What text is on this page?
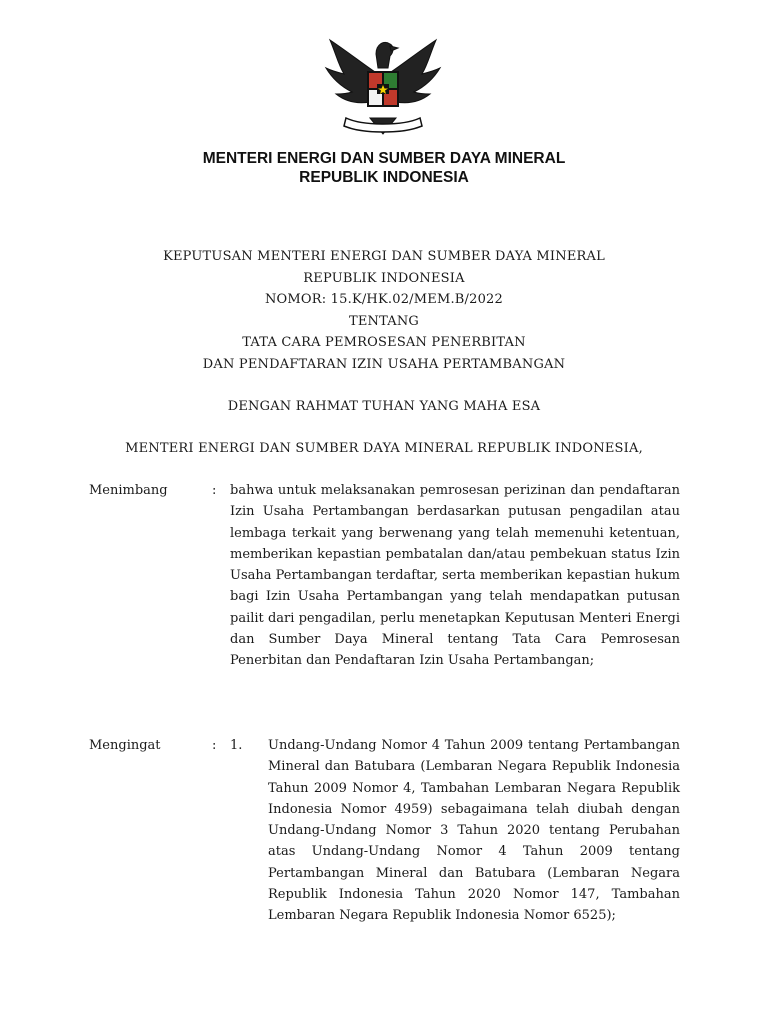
MENTERI ENERGI DAN SUMBER DAYA MINERAL
REPUBLIK INDONESIA
KEPUTUSAN MENTERI ENERGI DAN SUMBER DAYA MINERAL
REPUBLIK INDONESIA
NOMOR: 15.K/HK.02/MEM.B/2022
TENTANG
TATA CARA PEMROSESAN PENERBITAN
DAN PENDAFTARAN IZIN USAHA PERTAMBANGAN
DENGAN RAHMAT TUHAN YANG MAHA ESA
MENTERI ENERGI DAN SUMBER DAYA MINERAL REPUBLIK INDONESIA,
Menimbang	: bahwa untuk melaksanakan pemrosesan perizinan dan pendaftaran Izin Usaha Pertambangan berdasarkan putusan pengadilan atau lembaga terkait yang berwenang yang telah memenuhi ketentuan, memberikan kepastian pembatalan dan/atau pembekuan status Izin Usaha Pertambangan terdaftar, serta memberikan kepastian hukum bagi Izin Usaha Pertambangan yang telah mendapatkan putusan pailit dari pengadilan, perlu menetapkan Keputusan Menteri Energi dan Sumber Daya Mineral tentang Tata Cara Pemrosesan Penerbitan dan Pendaftaran Izin Usaha Pertambangan;
Mengingat	: 1. Undang-Undang Nomor 4 Tahun 2009 tentang Pertambangan Mineral dan Batubara (Lembaran Negara Republik Indonesia Tahun 2009 Nomor 4, Tambahan Lembaran Negara Republik Indonesia Nomor 4959) sebagaimana telah diubah dengan Undang-Undang Nomor 3 Tahun 2020 tentang Perubahan atas Undang-Undang Nomor 4 Tahun 2009 tentang Pertambangan Mineral dan Batubara (Lembaran Negara Republik Indonesia Tahun 2020 Nomor 147, Tambahan Lembaran Negara Republik Indonesia Nomor 6525);
